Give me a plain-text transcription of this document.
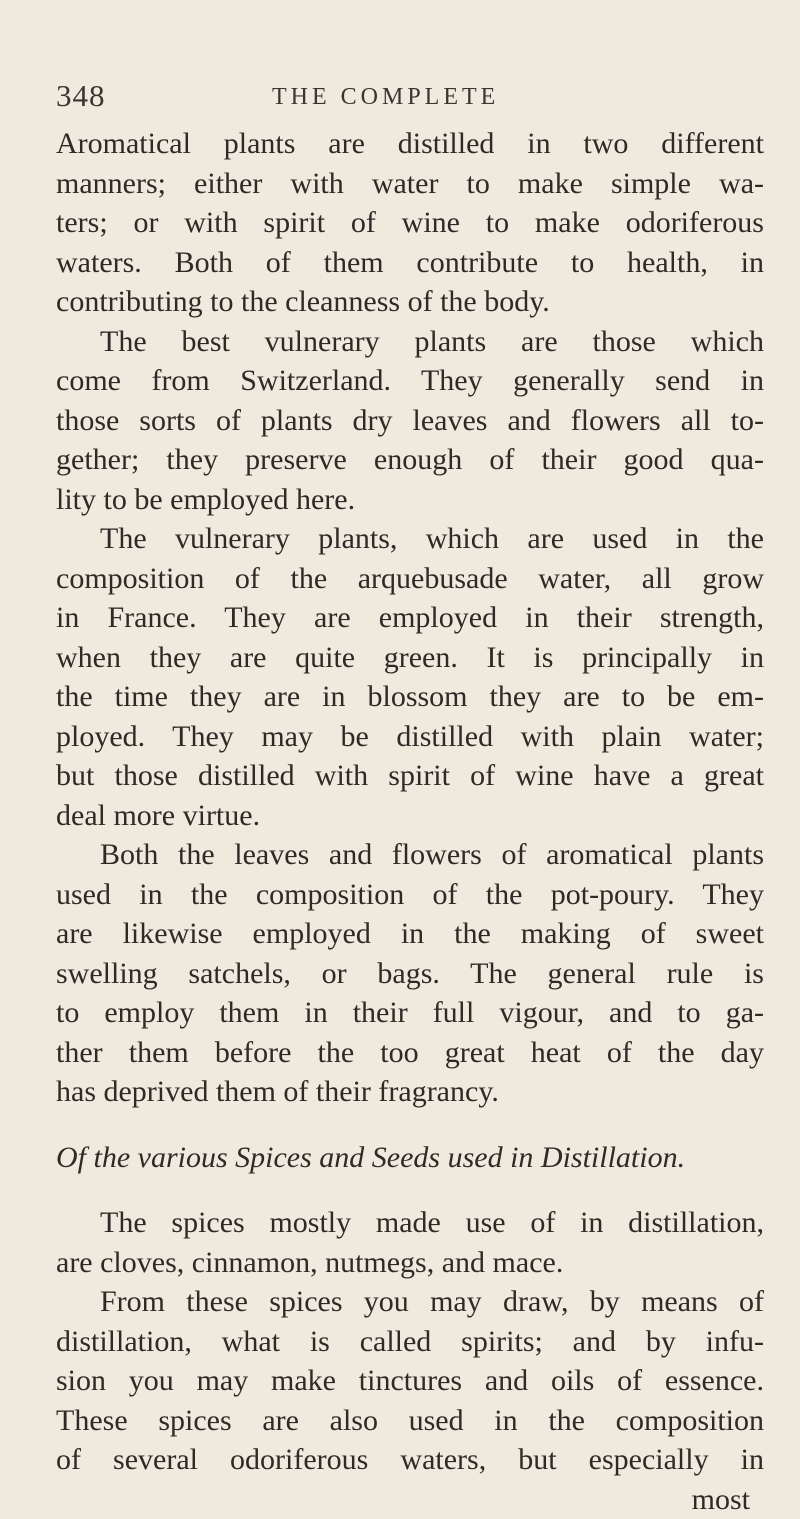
348	THE COMPLETE
Aromatical plants are distilled in two different
manners; either with water to make simple wa-
ters; or with spirit of wine to make odoriferous
waters. Both of them contribute to health, in
contributing to the cleanness of the body.
The best vulnerary plants are those which
come from Switzerland. They generally send in
those sorts of plants dry leaves and flowers all to-
gether; they preserve enough of their good qua-
lity to be employed here.
The vulnerary plants, which are used in the
composition of the arquebusade water, all grow
in France. They are employed in their strength,
when they are quite green. It is principally in
the time they are in blossom they are to be em-
ployed. They may be distilled with plain water;
but those distilled with spirit of wine have a great
deal more virtue.
Both the leaves and flowers of aromatical plants
used in the composition of the pot-poury. They
are likewise employed in the making of sweet
swelling satchels, or bags. The general rule is
to employ them in their full vigour, and to ga-
ther them before the too great heat of the day
has deprived them of their fragrancy.
Of the various Spices and Seeds used in Distillation.
The spices mostly made use of in distillation,
are cloves, cinnamon, nutmegs, and mace.
From these spices you may draw, by means of
distillation, what is called spirits; and by infu-
sion you may make tinctures and oils of essence.
These spices are also used in the composition
of several odoriferous waters, but especially in
most
